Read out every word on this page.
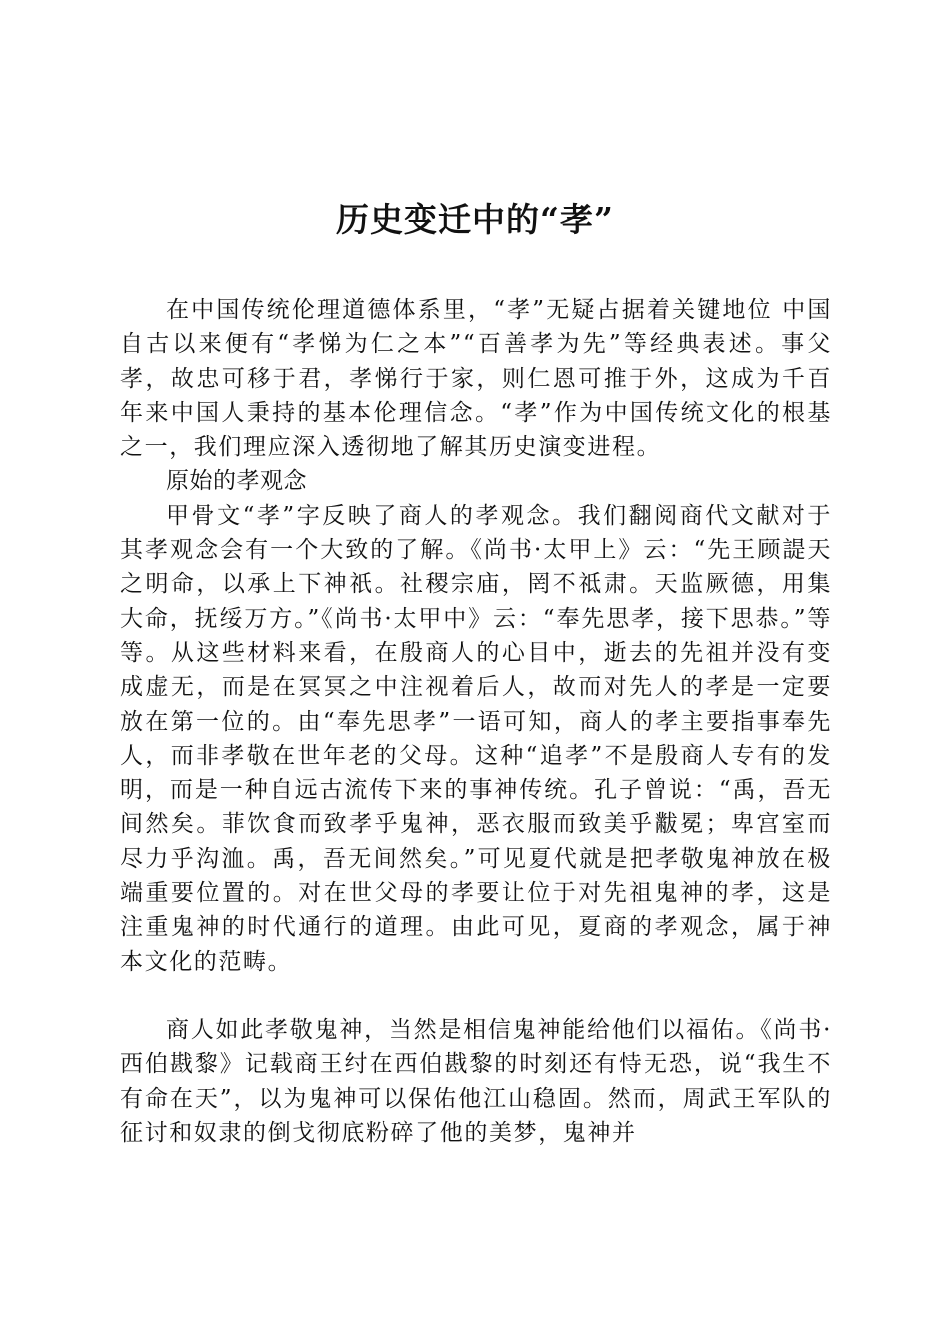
历史变迁中的“孝”

在中国传统伦理道德体系里，“孝”无疑占据着关键地位 中国自古以来便有“孝悌为仁之本”“百善孝为先”等经典表述。事父孝，故忠可移于君，孝悌行于家，则仁恩可推于外，这成为千百年来中国人秉持的基本伦理信念。“孝”作为中国传统文化的根基之一，我们理应深入透彻地了解其历史演变进程。

原始的孝观念

甲骨文“孝”字反映了商人的孝观念。我们翻阅商代文献对于其孝观念会有一个大致的了解。《尚书·太甲上》云：“先王顾諟天之明命，以承上下神祇。社稷宗庙，罔不祗肃。天监厥德，用集大命，抚绥万方。”《尚书·太甲中》云：“奉先思孝，接下思恭。”等等。从这些材料来看，在殷商人的心目中，逝去的先祖并没有变成虚无，而是在冥冥之中注视着后人，故而对先人的孝是一定要放在第一位的。由“奉先思孝”一语可知，商人的孝主要指事奉先人，而非孝敬在世年老的父母。这种“追孝”不是殷商人专有的发明，而是一种自远古流传下来的事神传统。孔子曾说：“禹，吾无间然矣。菲饮食而致孝乎鬼神，恶衣服而致美乎黻冕；卑宫室而尽力乎沟洫。禹，吾无间然矣。”可见夏代就是把孝敬鬼神放在极端重要位置的。对在世父母的孝要让位于对先祖鬼神的孝，这是注重鬼神的时代通行的道理。由此可见，夏商的孝观念，属于神本文化的范畴。

商人如此孝敬鬼神，当然是相信鬼神能给他们以福佑。《尚书·西伯戡黎》记载商王纣在西伯戡黎的时刻还有恃无恐，说“我生不有命在天”，以为鬼神可以保佑他江山稳固。然而，周武王军队的征讨和奴隶的倒戈彻底粉碎了他的美梦，鬼神并
